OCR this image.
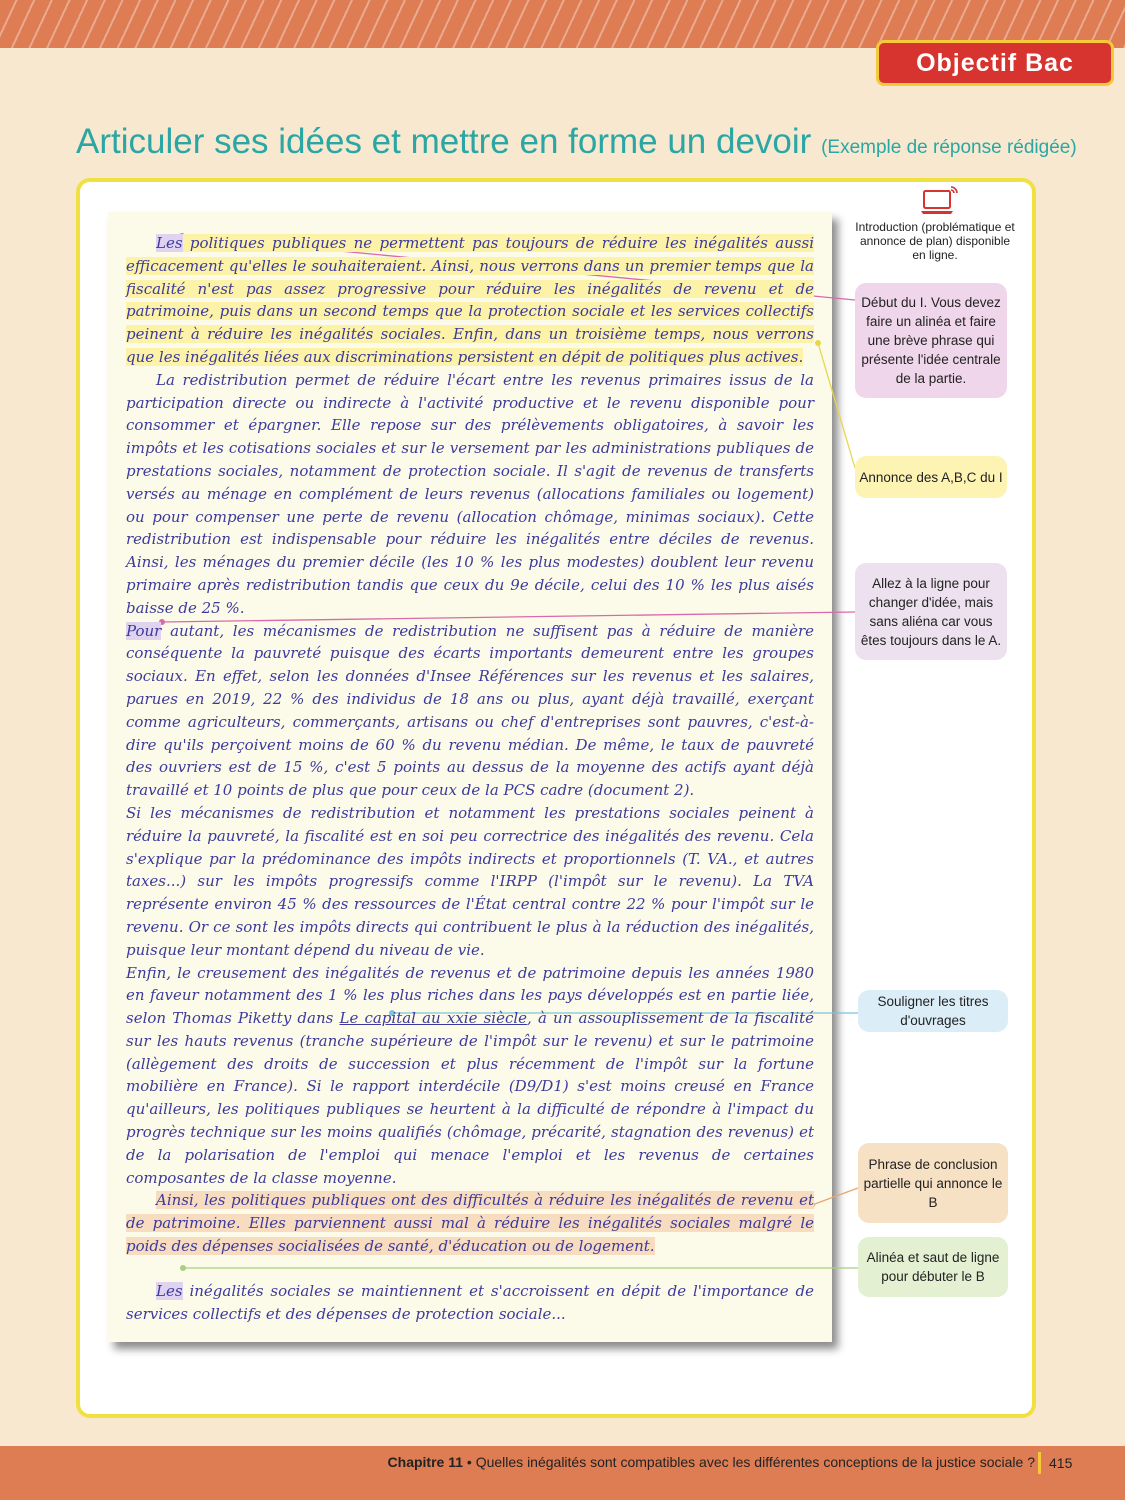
Objectif Bac
Articuler ses idées et mettre en forme un devoir (Exemple de réponse rédigée)

Les politiques publiques ne permettent pas toujours de réduire les inégalités aussi efficacement qu'elles le souhaiteraient. Ainsi, nous verrons dans un premier temps que la fiscalité n'est pas assez progressive pour réduire les inégalités de revenu et de patrimoine, puis dans un second temps que la protection sociale et les services collectifs peinent à réduire les inégalités sociales. Enfin, dans un troisième temps, nous verrons que les inégalités liées aux discriminations persistent en dépit de politiques plus actives.

La redistribution permet de réduire l'écart entre les revenus primaires issus de la participation directe ou indirecte à l'activité productive et le revenu disponible pour consommer et épargner. Elle repose sur des prélèvements obligatoires, à savoir les impôts et les cotisations sociales et sur le versement par les administrations publiques de prestations sociales, notamment de protection sociale. Il s'agit de revenus de transferts versés au ménage en complément de leurs revenus (allocations familiales ou logement) ou pour compenser une perte de revenu (allocation chômage, minimas sociaux). Cette redistribution est indispensable pour réduire les inégalités entre déciles de revenus. Ainsi, les ménages du premier décile (les 10 % les plus modestes) doublent leur revenu primaire après redistribution tandis que ceux du 9e décile, celui des 10 % les plus aisés baisse de 25 %.

Pour autant, les mécanismes de redistribution ne suffisent pas à réduire de manière conséquente la pauvreté puisque des écarts importants demeurent entre les groupes sociaux. En effet, selon les données d'Insee Références sur les revenus et les salaires, parues en 2019, 22 % des individus de 18 ans ou plus, ayant déjà travaillé, exerçant comme agriculteurs, commerçants, artisans ou chef d'entreprises sont pauvres, c'est-à-dire qu'ils perçoivent moins de 60 % du revenu médian. De même, le taux de pauvreté des ouvriers est de 15 %, c'est 5 points au dessus de la moyenne des actifs ayant déjà travaillé et 10 points de plus que pour ceux de la PCS cadre (document 2).

Si les mécanismes de redistribution et notamment les prestations sociales peinent à réduire la pauvreté, la fiscalité est en soi peu correctrice des inégalités des revenu. Cela s'explique par la prédominance des impôts indirects et proportionnels (T. VA., et autres taxes...) sur les impôts progressifs comme l'IRPP (l'impôt sur le revenu). La TVA représente environ 45 % des ressources de l'État central contre 22 % pour l'impôt sur le revenu. Or ce sont les impôts directs qui contribuent le plus à la réduction des inégalités, puisque leur montant dépend du niveau de vie.

Enfin, le creusement des inégalités de revenus et de patrimoine depuis les années 1980 en faveur notamment des 1 % les plus riches dans les pays développés est en partie liée, selon Thomas Piketty dans Le capital au xxie siècle, à un assouplissement de la fiscalité sur les hauts revenus (tranche supérieure de l'impôt sur le revenu) et sur le patrimoine (allègement des droits de succession et plus récemment de l'impôt sur la fortune mobilière en France). Si le rapport interdécile (D9/D1) s'est moins creusé en France qu'ailleurs, les politiques publiques se heurtent à la difficulté de répondre à l'impact du progrès technique sur les moins qualifiés (chômage, précarité, stagnation des revenus) et de la polarisation de l'emploi qui menace l'emploi et les revenus de certaines composantes de la classe moyenne.

Ainsi, les politiques publiques ont des difficultés à réduire les inégalités de revenu et de patrimoine. Elles parviennent aussi mal à réduire les inégalités sociales malgré le poids des dépenses socialisées de santé, d'éducation ou de logement.

Les inégalités sociales se maintiennent et s'accroissent en dépit de l'importance de services collectifs et des dépenses de protection sociale...

Introduction (problématique et annonce de plan) disponible en ligne.
Début du I. Vous devez faire un alinéa et faire une brève phrase qui présente l'idée centrale de la partie.
Annonce des A,B,C du I
Allez à la ligne pour changer d'idée, mais sans aliéna car vous êtes toujours dans le A.
Souligner les titres d'ouvrages
Phrase de conclusion partielle qui annonce le B
Alinéa et saut de ligne pour débuter le B
Chapitre 11 • Quelles inégalités sont compatibles avec les différentes conceptions de la justice sociale ?	415
